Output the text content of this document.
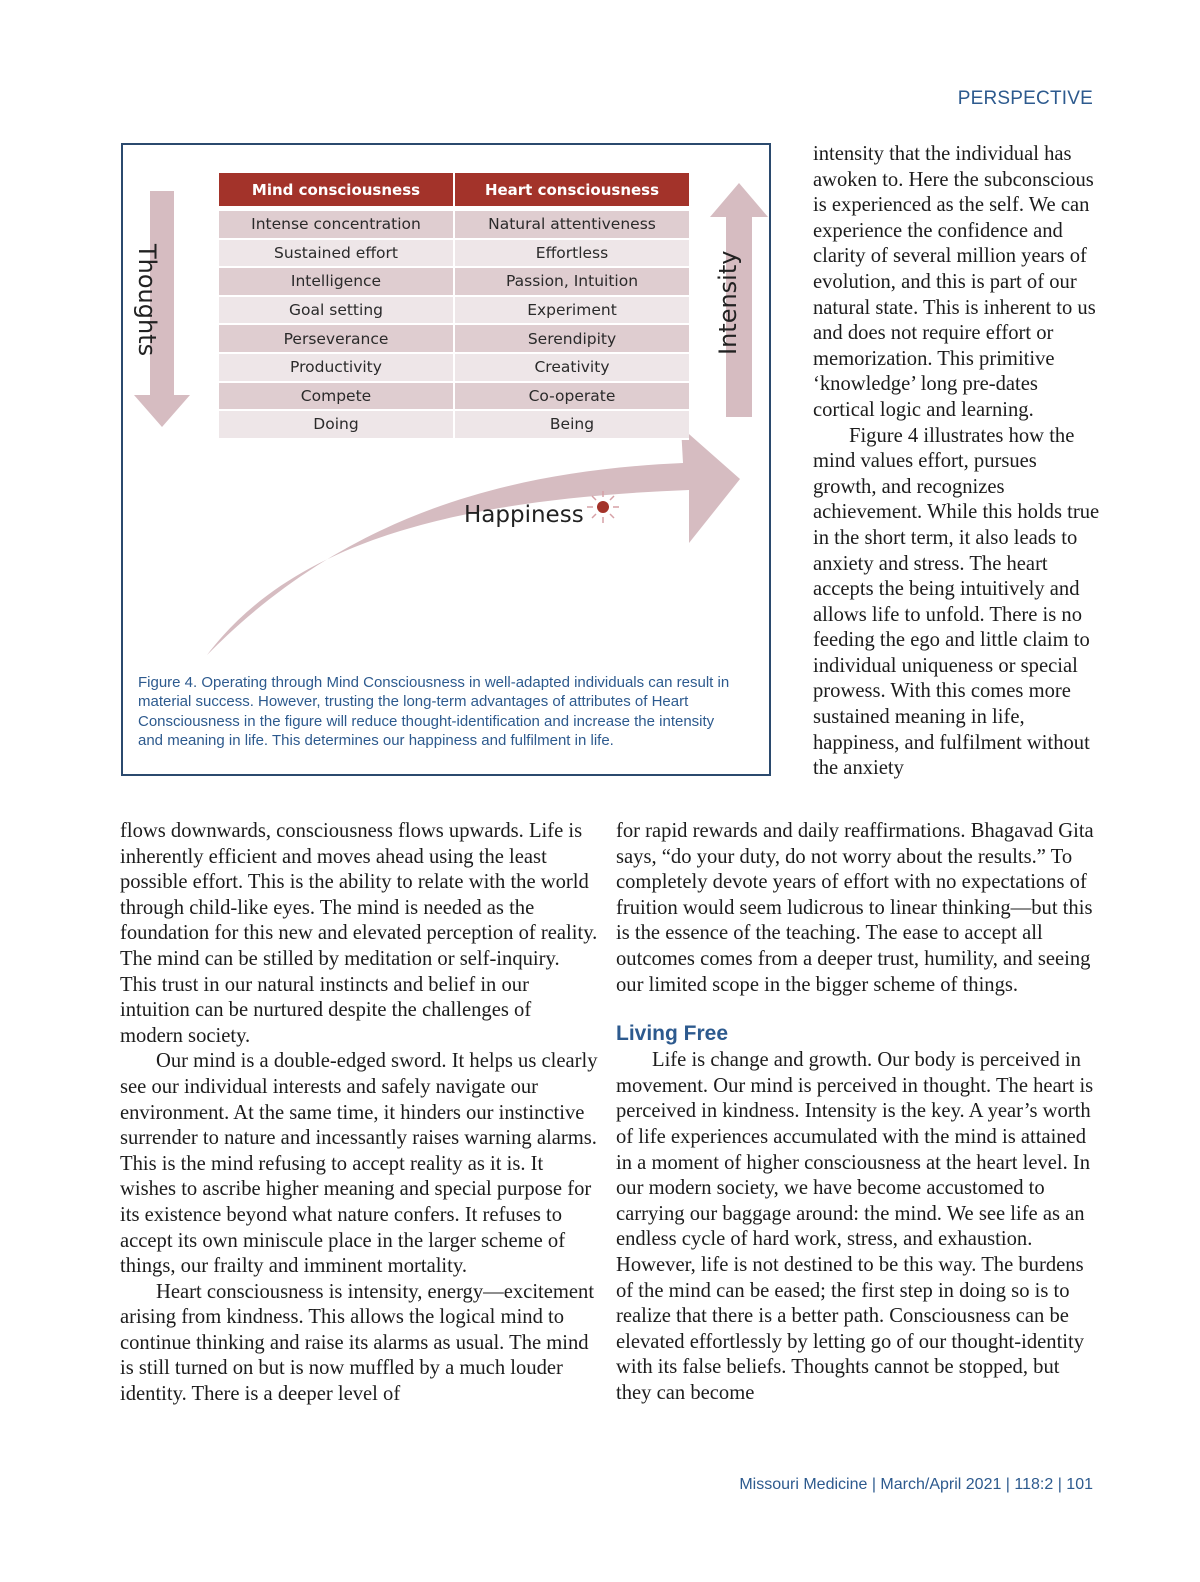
PERSPECTIVE
Mind consciousness	Heart consciousness
Intense concentration	Natural attentiveness
Sustained effort	Effortless
Intelligence	Passion, Intuition
Goal setting	Experiment
Perseverance	Serendipity
Productivity	Creativity
Compete	Co-operate
Doing	Being
Thoughts	Intensity
Happiness

Figure 4. Operating through Mind Consciousness in well-adapted individuals can result in material success. However, trusting the long-term advantages of attributes of Heart Consciousness in the figure will reduce thought-identification and increase the intensity and meaning in life. This determines our happiness and fulfilment in life.

intensity that the individual has awoken to. Here the subconscious is experienced as the self. We can experience the confidence and clarity of several million years of evolution, and this is part of our natural state. This is inherent to us and does not require effort or memorization. This primitive ‘knowledge’ long pre-dates cortical logic and learning.

Figure 4 illustrates how the mind values effort, pursues growth, and recognizes achievement. While this holds true in the short term, it also leads to anxiety and stress. The heart accepts the being intuitively and allows life to unfold. There is no feeding the ego and little claim to individual uniqueness or special prowess. With this comes more sustained meaning in life, happiness, and fulfilment without the anxiety

flows downwards, consciousness flows upwards. Life is inherently efficient and moves ahead using the least possible effort. This is the ability to relate with the world through child-like eyes. The mind is needed as the foundation for this new and elevated perception of reality. The mind can be stilled by meditation or self-inquiry. This trust in our natural instincts and belief in our intuition can be nurtured despite the challenges of modern society.

Our mind is a double-edged sword. It helps us clearly see our individual interests and safely navigate our environment. At the same time, it hinders our instinctive surrender to nature and incessantly raises warning alarms. This is the mind refusing to accept reality as it is. It wishes to ascribe higher meaning and special purpose for its existence beyond what nature confers. It refuses to accept its own miniscule place in the larger scheme of things, our frailty and imminent mortality.

Heart consciousness is intensity, energy—excitement arising from kindness. This allows the logical mind to continue thinking and raise its alarms as usual. The mind is still turned on but is now muffled by a much louder identity. There is a deeper level of

for rapid rewards and daily reaffirmations. Bhagavad Gita says, “do your duty, do not worry about the results.” To completely devote years of effort with no expectations of fruition would seem ludicrous to linear thinking—but this is the essence of the teaching. The ease to accept all outcomes comes from a deeper trust, humility, and seeing our limited scope in the bigger scheme of things.

Living Free

Life is change and growth. Our body is perceived in movement. Our mind is perceived in thought. The heart is perceived in kindness. Intensity is the key. A year’s worth of life experiences accumulated with the mind is attained in a moment of higher consciousness at the heart level. In our modern society, we have become accustomed to carrying our baggage around: the mind. We see life as an endless cycle of hard work, stress, and exhaustion. However, life is not destined to be this way. The burdens of the mind can be eased; the first step in doing so is to realize that there is a better path. Consciousness can be elevated effortlessly by letting go of our thought-identity with its false beliefs. Thoughts cannot be stopped, but they can become

Missouri Medicine | March/April 2021 | 118:2 | 101
